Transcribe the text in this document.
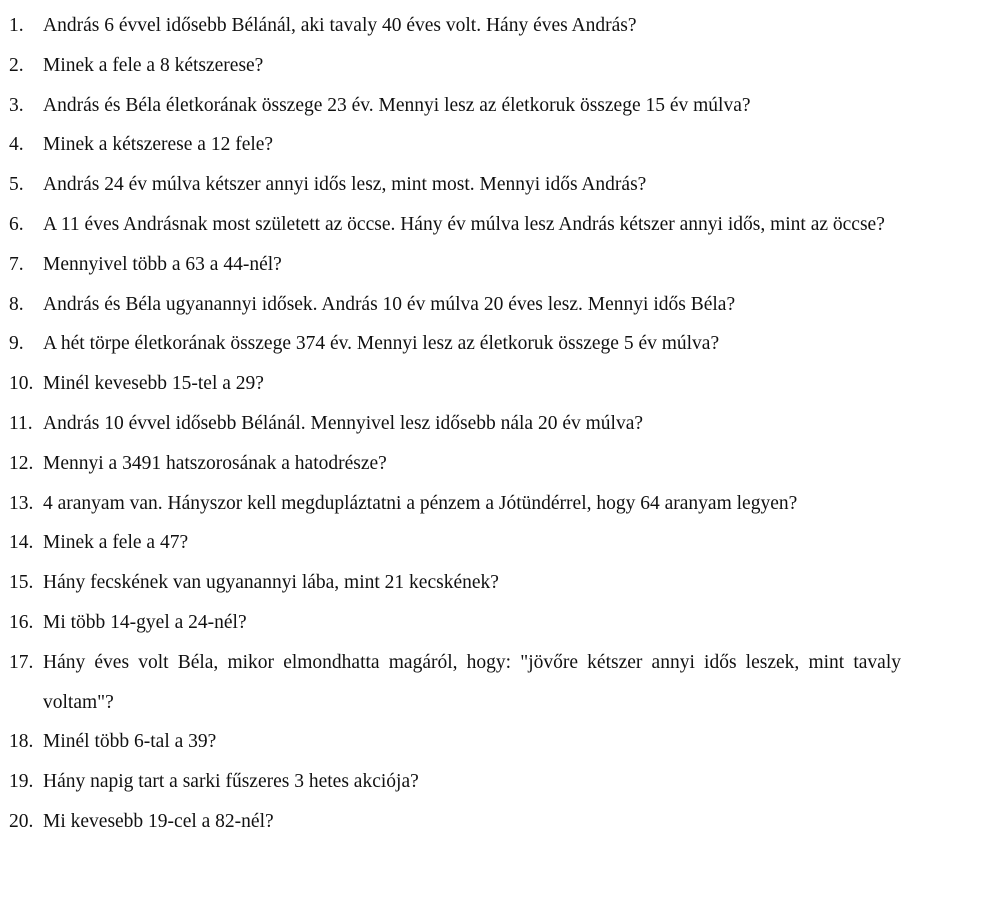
1. András 6 évvel idősebb Bélánál, aki tavaly 40 éves volt. Hány éves András?
2. Minek a fele a 8 kétszerese?
3. András és Béla életkorának összege 23 év. Mennyi lesz az életkoruk összege 15 év múlva?
4. Minek a kétszerese a 12 fele?
5. András 24 év múlva kétszer annyi idős lesz, mint most. Mennyi idős András?
6. A 11 éves Andrásnak most született az öccse. Hány év múlva lesz András kétszer annyi idős, mint az öccse?
7. Mennyivel több a 63 a 44-nél?
8. András és Béla ugyanannyi idősek. András 10 év múlva 20 éves lesz. Mennyi idős Béla?
9. A hét törpe életkorának összege 374 év. Mennyi lesz az életkoruk összege 5 év múlva?
10. Minél kevesebb 15-tel a 29?
11. András 10 évvel idősebb Bélánál. Mennyivel lesz idősebb nála 20 év múlva?
12. Mennyi a 3491 hatszorosának a hatodrésze?
13. 4 aranyam van. Hányszor kell megdupláztatni a pénzem a Jótündérrel, hogy 64 aranyam legyen?
14. Minek a fele a 47?
15. Hány fecskének van ugyanannyi lába, mint 21 kecskének?
16. Mi több 14-gyel a 24-nél?
17. Hány éves volt Béla, mikor elmondhatta magáról, hogy: "jövőre kétszer annyi idős leszek, mint tavaly voltam"?
18. Minél több 6-tal a 39?
19. Hány napig tart a sarki fűszeres 3 hetes akciója?
20. Mi kevesebb 19-cel a 82-nél?
